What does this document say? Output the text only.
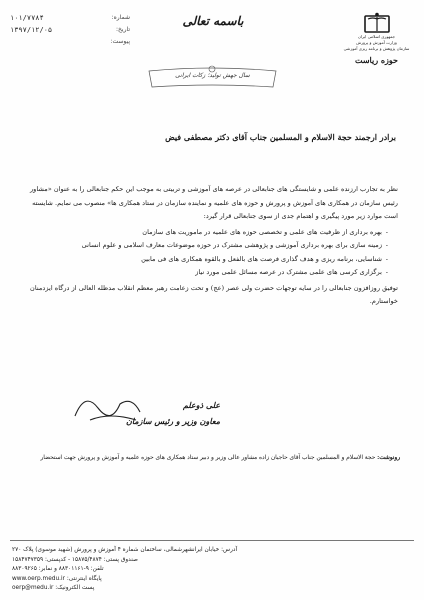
شماره:
۱۰۱/۷۷۸۴
تاریخ:
۱۳۹۷/۱۲/۰۵
پیوست:
باسمه تعالی
جمهوری اسلامی ایران
وزارت آموزش و پرورش
سازمان پژوهش و برنامه ریزی آموزشی
حوزه ریاست
سال جهش تولید؛ زکات ایرانی
برادر ارجمند حجة الاسلام و المسلمین جناب آقای دکتر مصطفی فیض

نظر به تجارب ارزنده علمی و شایستگی های جنابعالی در عرصه های آموزشی و تربیتی به موجب این حکم جنابعالی را به عنوان «مشاور رئیس سازمان در همکاری های آموزش و پرورش و حوزه های علمیه و نماینده سازمان در ستاد همکاری ها» منصوب می نمایم. شایسته است موارد زیر مورد پیگیری و اهتمام جدی از سوی جنابعالی قرار گیرد:

- بهره برداری از ظرفیت های علمی و تخصصی حوزه های علمیه در ماموریت های سازمان
- زمینه سازی برای بهره برداری آموزشی و پژوهشی مشترک در حوزه موضوعات معارف اسلامی و علوم انسانی
- شناسایی، برنامه ریزی و هدف گذاری فرصت های بالفعل و بالقوه همکاری های فی مابین
- برگزاری کرسی های علمی مشترک در عرصه مسائل علمی مورد نیاز

توفیق روزافزون جنابعالی را در سایه توجهات حضرت ولی عصر (عج) و تحت زعامت رهبر معظم انقلاب مدظله العالی از درگاه ایزدمنان خواستارم.

علی ذوعلم
معاون وزیر و رئیس سازمان
رونوشت: حجة الاسلام و المسلمین جناب آقای حاجیان زاده مشاور عالی وزیر و دبیر ستاد همکاری های حوزه علمیه و آموزش و پرورش جهت استحضار
آدرس: خیابان ایرانشهرشمالی، ساختمان شماره ۴ آموزش و پرورش (شهید موسوی) پلاک ۲۷۰
صندوق پستی: ۱۵۸۷۵/۴۸۷۴ - کدپستی: ۱۵۸۴۷۴۷۳۵۹
تلفن: ۹-۸۸۳۰۱۱۶۱ و نمابر: ۸۸۳۰۹۲۶۵
پایگاه اینترنتی: www.oerp.medu.ir
پست الکترونیک: oerp@medu.ir
